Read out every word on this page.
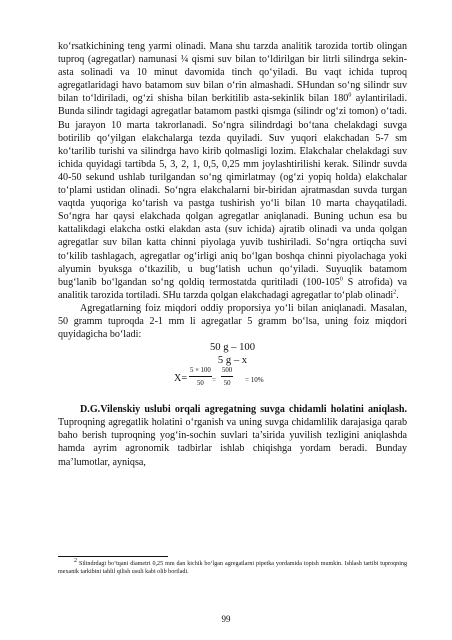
ko‘rsatkichining teng yarmi olinadi. Mana shu tarzda analitik tarozida tortib olingan tuproq (agregatlar) namunasi ¼ qismi suv bilan to‘ldirilgan bir litrli silindrga sekin-asta solinadi va 10 minut davomida tinch qo‘yiladi. Bu vaqt ichida tuproq agregatlaridagi havo batamom suv bilan o‘rin almashadi. SHundan so‘ng silindr suv bilan to‘ldiriladi, og‘zi shisha bilan berkitilib asta-sekinlik bilan $180^0$ aylantiriladi. Bunda silindr tagidagi agregatlar batamom pastki qismga (silindr og‘zi tomon) o‘tadi. Bu jarayon 10 marta takrorlanadi. So‘ngra silindrdagi bo‘tana chelakdagi suvga botirilib qo‘yilgan elakchalarga tezda quyiladi. Suv yuqori elakchadan 5-7 sm ko‘tarilib turishi va silindrga havo kirib qolmasligi lozim. Elakchalar chelakdagi suv ichida quyidagi tartibda 5, 3, 2, 1, 0,5, 0,25 mm joylashtirilishi kerak. Silindr suvda 40-50 sekund ushlab turilgandan so‘ng qimirlatmay (og‘zi yopiq holda) elakchalar to‘plami ustidan olinadi. So‘ngra elakchalarni bir-biridan ajratmasdan suvda turgan vaqtda yuqoriga ko‘tarish va pastga tushirish yo‘li bilan 10 marta chayqatiladi. So‘ngra har qaysi elakchada qolgan agregatlar aniqlanadi. Buning uchun esa bu kattalikdagi elakcha ostki elakdan asta (suv ichida) ajratib olinadi va unda qolgan agregatlar suv bilan katta chinni piyolaga yuvib tushiriladi. So‘ngra ortiqcha suvi to‘kilib tashlagach, agregatlar og‘irligi aniq bo‘lgan boshqa chinni piyolachaga yoki alyumin byuksga o‘tkazilib, u bug‘latish uchun qo‘yiladi. Suyuqlik batamom bug‘lanib bo‘lgandan so‘ng qoldiq termostatda quritiladi ($100-105^0$ S atrofida) va analitik tarozida tortiladi. SHu tarzda qolgan elakchadagi agregatlar to‘plab olinadi$^2$.

Agregatlarning foiz miqdori oddiy proporsiya yo‘li bilan aniqlanadi. Masalan, 50 gramm tuproqda 2-1 mm li agregatlar 5 gramm bo‘lsa, uning foiz miqdori quyidagicha bo‘ladi:

50 g – 100

5 g – x

$X= \frac{5 \times 100}{50} = \frac{500}{50} = 10\%$

D.G.Vilenskiy uslubi orqali agregatning suvga chidamli holatini aniqlash. Tuproqning agregatlik holatini o‘rganish va uning suvga chidamlilik darajasiga qarab baho berish tuproqning yog‘in-sochin suvlari ta’sirida yuvilish tezligini aniqlashda hamda ayrim agronomik tadbirlar ishlab chiqishga yordam beradi. Bunday ma’lumotlar, ayniqsa,

$^2$ Silindrdagi bo‘tqani diametri 0,25 mm dan kichik bo‘lgan agregatlarni pipetka yordamida topish mumkin. Ishlash tartibi tuproqning mexanik tarkibini tahlil qilish usuli kabi olib boriladi.

99
